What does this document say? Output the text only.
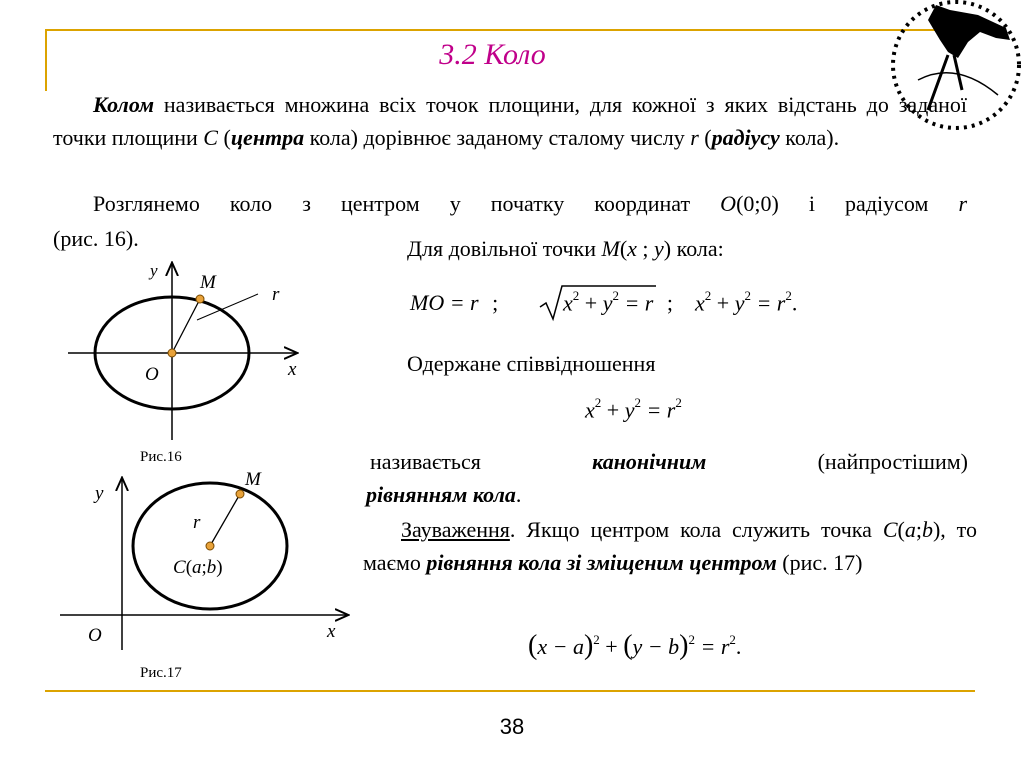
3.2 Коло
Колом називається множина всіх точок площини, для кожної з яких відстань до заданої точки площини C (центра кола) дорівнює заданому сталому числу r (радіусу кола).
Розглянемо коло з центром у початку координат O(0;0) і радіусом r
(рис. 16).	Для довільної точки M(x ; y) кола:
MO = r ;	$x^2 + y^2 = r$ ; $x^2 + y^2 = r^2$.
Одержане співвідношення
$x^2 + y^2 = r^2$
називається	канонічним	(найпростішим)
рівнянням кола.
Зауваження. Якщо центром кола служить точка C(a;b), то маємо рівняння кола зі зміщеним центром (рис. 17)
$(x - a)^2 + (y - b)^2 = r^2$.
y
M
r
O	x
Рис.16
y
M
r
C(a;b)
O	x
Рис.17
38
